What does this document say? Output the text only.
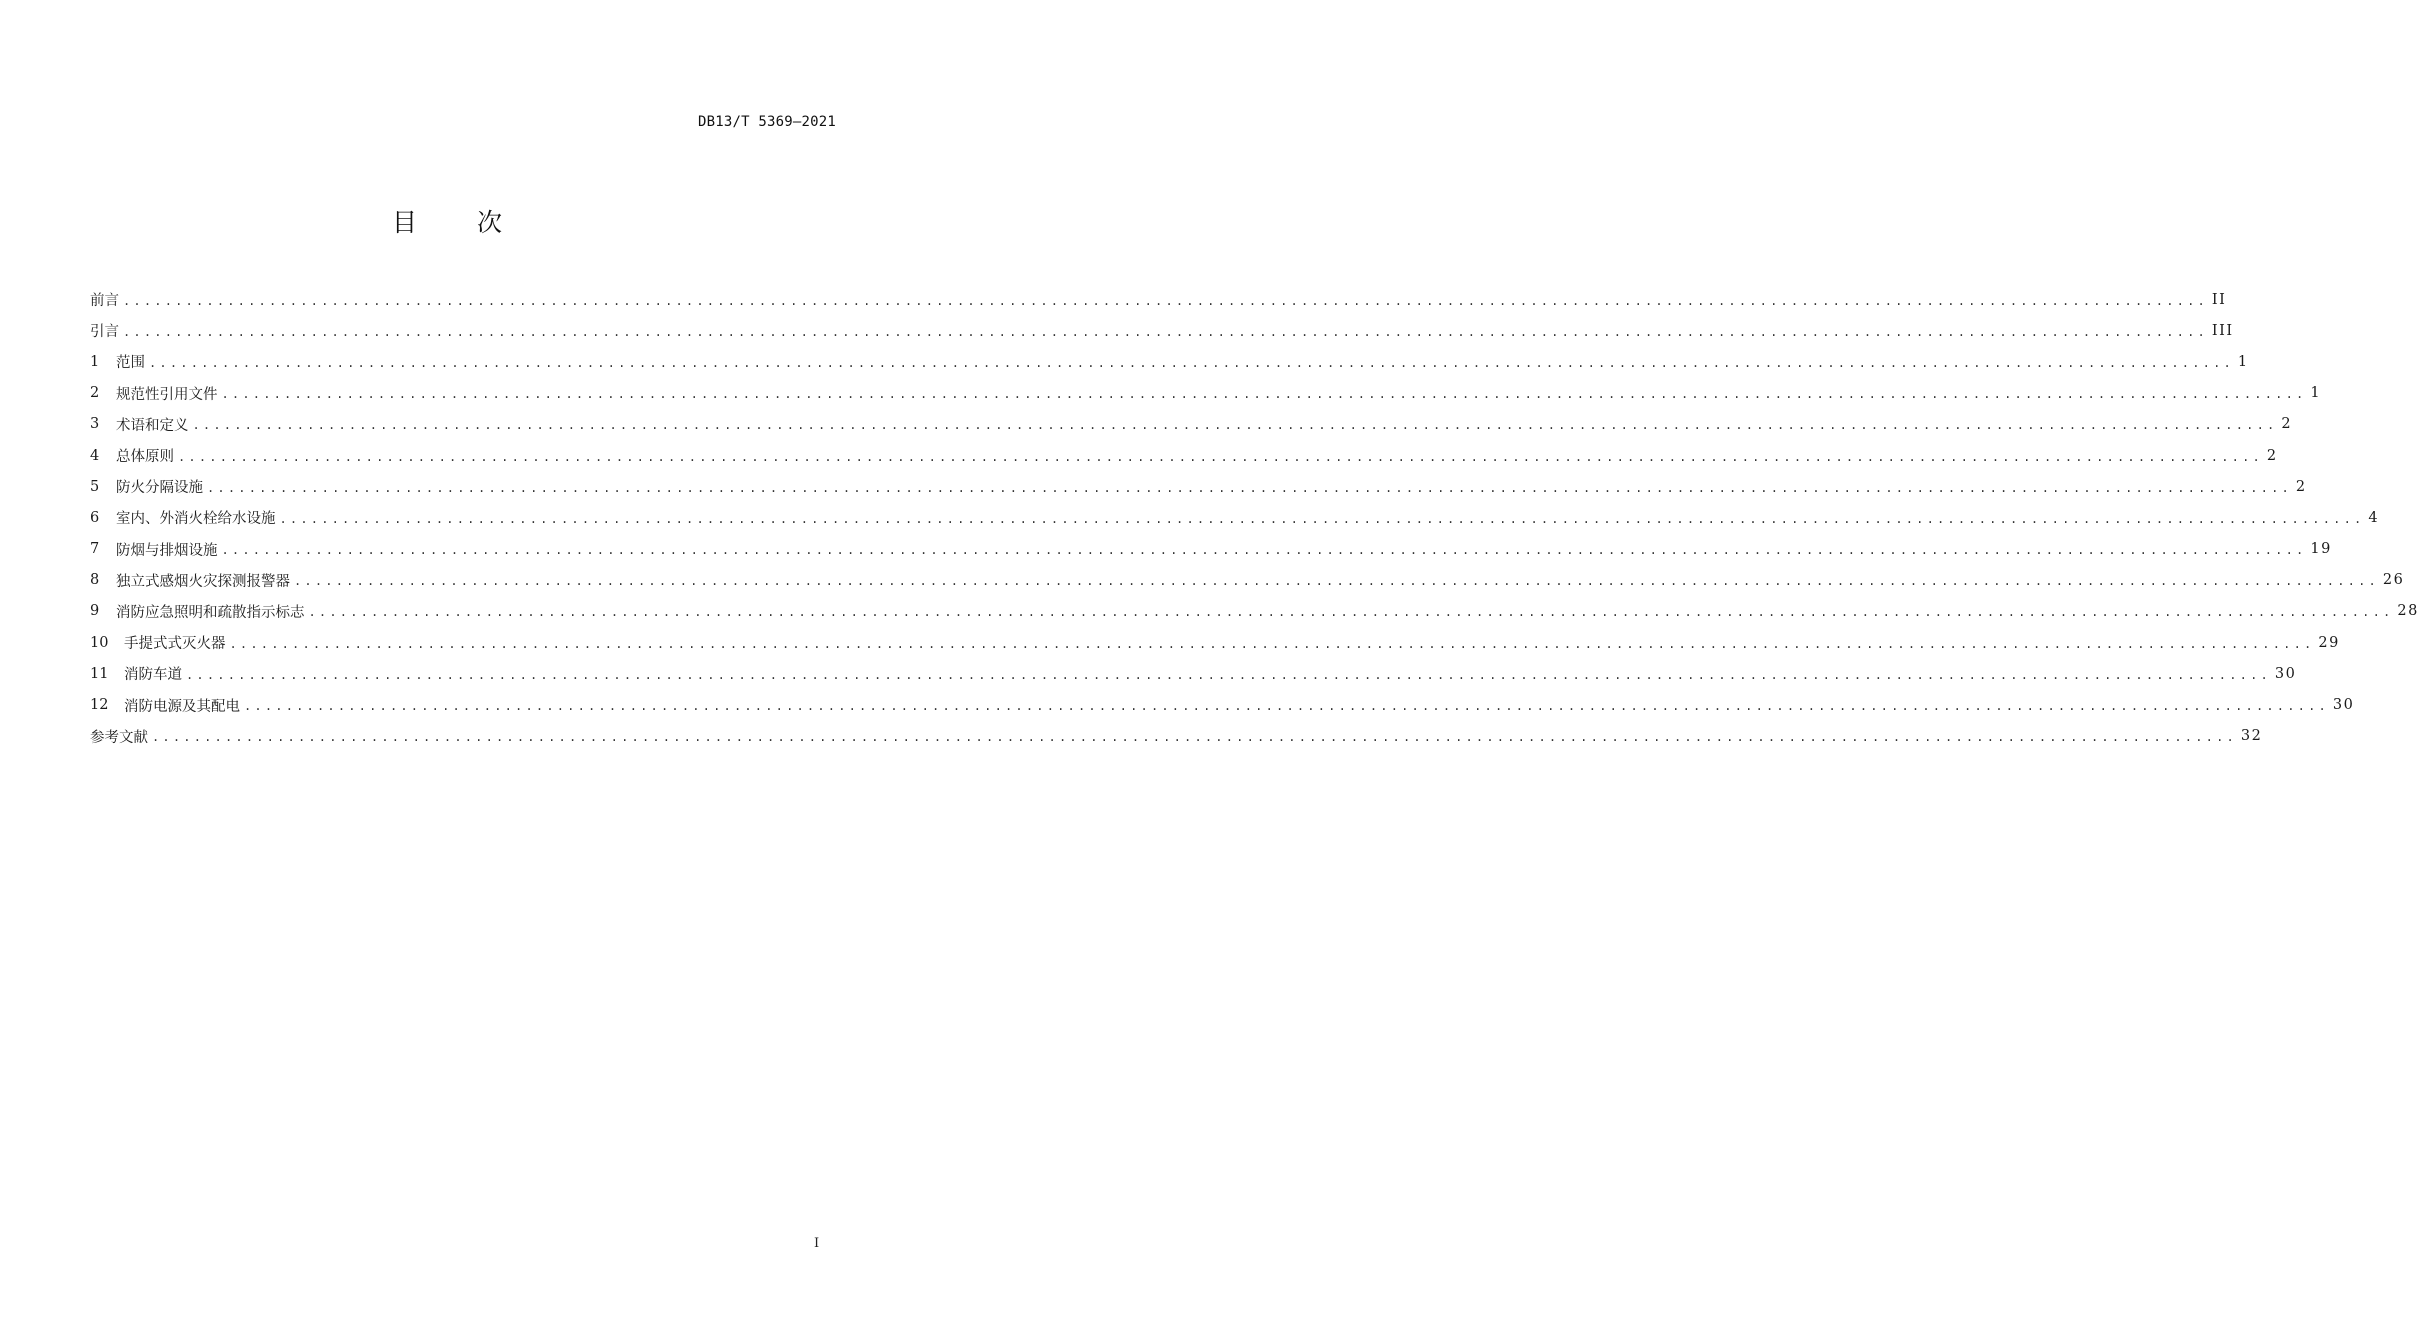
DB13/T 5369—2021
目 次
前言 ........................................................................................................................................................................................................ II
引言 ........................................................................................................................................................................................................ III
1	范围 ........................................................................................................................................................................................................ 1
2	规范性引用文件 ........................................................................................................................................................................................................ 1
3	术语和定义 ........................................................................................................................................................................................................ 2
4	总体原则 ........................................................................................................................................................................................................ 2
5	防火分隔设施 ........................................................................................................................................................................................................ 2
6	室内、外消火栓给水设施 ........................................................................................................................................................................................................ 4
7	防烟与排烟设施 ........................................................................................................................................................................................................ 19
8	独立式感烟火灾探测报警器 ........................................................................................................................................................................................................ 26
9	消防应急照明和疏散指示标志 ........................................................................................................................................................................................................ 28
10	手提式式灭火器 ........................................................................................................................................................................................................ 29
11	消防车道 ........................................................................................................................................................................................................ 30
12	消防电源及其配电 ........................................................................................................................................................................................................ 30
参考文献 ........................................................................................................................................................................................................ 32
I
